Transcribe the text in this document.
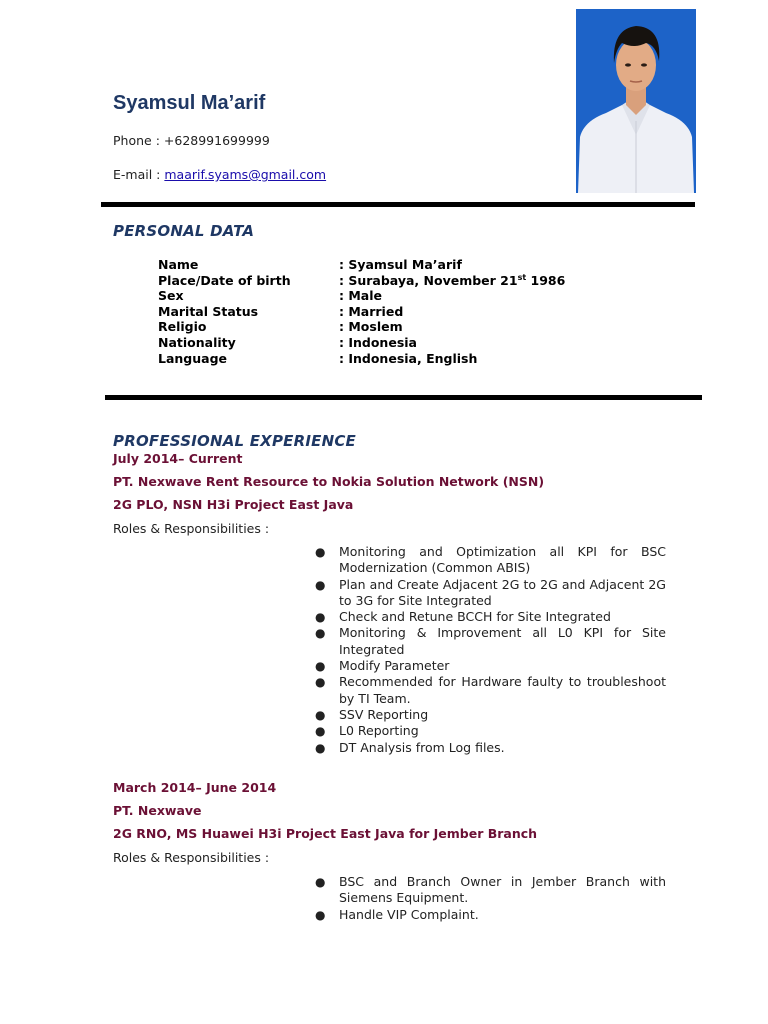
Syamsul Ma’arif
Phone : +628991699999
E-mail : maarif.syams@gmail.com
PERSONAL DATA
Name	: Syamsul Ma’arif
Place/Date of birth	: Surabaya, November 21st 1986
Sex	: Male
Marital Status	: Married
Religio	: Moslem
Nationality	: Indonesia
Language	: Indonesia, English
PROFESSIONAL EXPERIENCE

July 2014– Current

PT. Nexwave Rent Resource to Nokia Solution Network (NSN)

2G PLO, NSN H3i Project East Java

Roles & Responsibilities :

● Monitoring and Optimization all KPI for BSC Modernization (Common ABIS)
● Plan and Create Adjacent 2G to 2G and Adjacent 2G to 3G for Site Integrated
● Check and Retune BCCH for Site Integrated
● Monitoring & Improvement all L0 KPI for Site Integrated
● Modify Parameter
● Recommended for Hardware faulty to troubleshoot by TI Team.
● SSV Reporting
● L0 Reporting
● DT Analysis from Log files.

March 2014– June 2014

PT. Nexwave

2G RNO, MS Huawei H3i Project East Java for Jember Branch

Roles & Responsibilities :

● BSC and Branch Owner in Jember Branch with Siemens Equipment.
● Handle VIP Complaint.
